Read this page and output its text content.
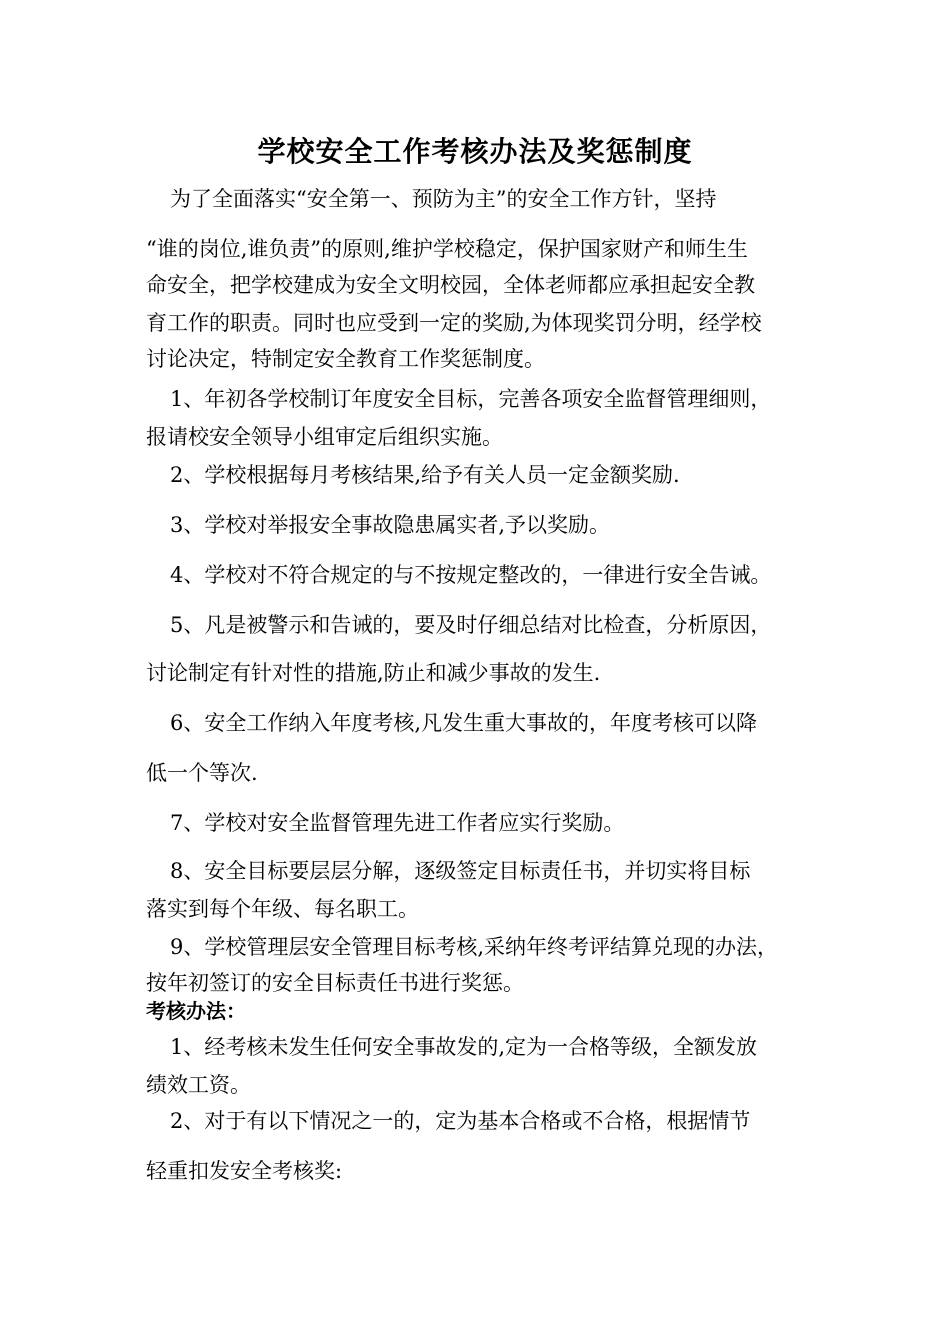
学校安全工作考核办法及奖惩制度
为了全面落实“安全第一、预防为主”的安全工作方针，坚持
“谁的岗位,谁负责”的原则,维护学校稳定，保护国家财产和师生生
命安全，把学校建成为安全文明校园，全体老师都应承担起安全教
育工作的职责。同时也应受到一定的奖励,为体现奖罚分明，经学校
讨论决定，特制定安全教育工作奖惩制度。
1、年初各学校制订年度安全目标，完善各项安全监督管理细则，
报请校安全领导小组审定后组织实施。
2、学校根据每月考核结果,给予有关人员一定金额奖励.
3、学校对举报安全事故隐患属实者,予以奖励。
4、学校对不符合规定的与不按规定整改的，一律进行安全告诫。
5、凡是被警示和告诫的，要及时仔细总结对比检查，分析原因，
讨论制定有针对性的措施,防止和减少事故的发生.
6、安全工作纳入年度考核,凡发生重大事故的，年度考核可以降
低一个等次.
7、学校对安全监督管理先进工作者应实行奖励。
8、安全目标要层层分解，逐级签定目标责任书，并切实将目标
落实到每个年级、每名职工。
9、学校管理层安全管理目标考核,采纳年终考评结算兑现的办法，
按年初签订的安全目标责任书进行奖惩。
考核办法：
1、经考核未发生任何安全事故发的,定为一合格等级，全额发放
绩效工资。
2、对于有以下情况之一的，定为基本合格或不合格，根据情节
轻重扣发安全考核奖:
